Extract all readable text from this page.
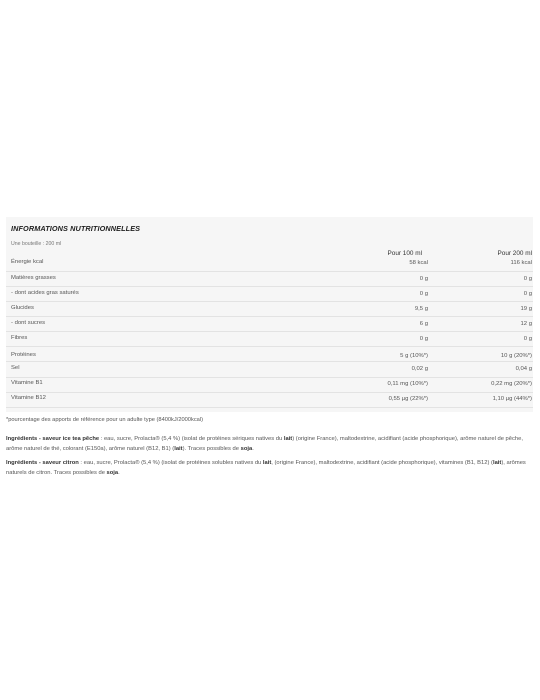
INFORMATIONS NUTRITIONNELLES
Une bouteille : 200 ml
Pour 100 ml	Pour 200 ml
Énergie kcal	58 kcal	116 kcal
Matières grasses	0 g	0 g
- dont acides gras saturés	0 g	0 g
Glucides	9,5 g	19 g
- dont sucres	6 g	12 g
Fibres	0 g	0 g
Protéines	5 g (10%*)	10 g (20%*)
Sel	0,02 g	0,04 g
Vitamine B1	0,11 mg (10%*)	0,22 mg (20%*)
Vitamine B12	0,55 µg (22%*)	1,10 µg (44%*)
*pourcentage des apports de référence pour un adulte type (8400kJ/2000kcal)
Ingrédients - saveur ice tea pêche : eau, sucre, Prolacta® (5,4 %) (isolat de protéines sériques natives du lait) (origine France), maltodextrine, acidifiant (acide phosphorique), arôme naturel de pêche, arôme naturel de thé, colorant (E150a), arôme naturel (B12, B1) (lait). Traces possibles de soja.
Ingrédients - saveur citron : eau, sucre, Prolacta® (5,4 %) (isolat de protéines solubles natives du lait, (origine France), maltodextrine, acidifiant (acide phosphorique), vitamines (B1, B12) (lait), arômes naturels de citron. Traces possibles de soja.
